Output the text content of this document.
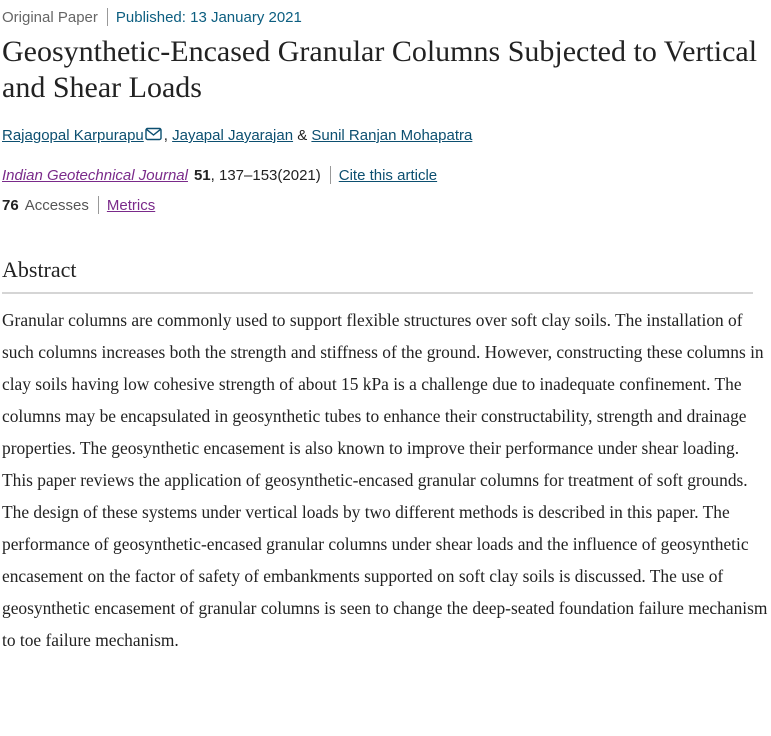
Original Paper Published: 13 January 2021
Geosynthetic-Encased Granular Columns Subjected to Vertical and Shear Loads
Rajagopal Karpurapu , Jayapal Jayarajan & Sunil Ranjan Mohapatra
Indian Geotechnical Journal 51, 137–153(2021) Cite this article
76 Accesses Metrics
Abstract

Granular columns are commonly used to support flexible structures over soft clay soils. The installation of such columns increases both the strength and stiffness of the ground. However, constructing these columns in clay soils having low cohesive strength of about 15 kPa is a challenge due to inadequate confinement. The columns may be encapsulated in geosynthetic tubes to enhance their constructability, strength and drainage properties. The geosynthetic encasement is also known to improve their performance under shear loading. This paper reviews the application of geosynthetic-encased granular columns for treatment of soft grounds. The design of these systems under vertical loads by two different methods is described in this paper. The performance of geosynthetic-encased granular columns under shear loads and the influence of geosynthetic encasement on the factor of safety of embankments supported on soft clay soils is discussed. The use of geosynthetic encasement of granular columns is seen to change the deep-seated foundation failure mechanism to toe failure mechanism.
